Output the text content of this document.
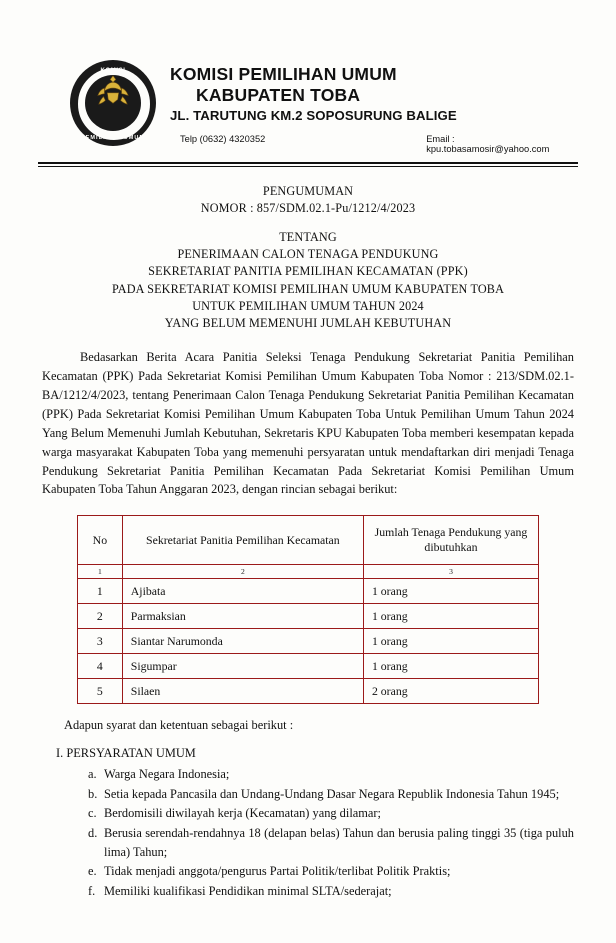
KOMISI
PEMILIHAN UMUM
KOMISI PEMILIHAN UMUM
KABUPATEN TOBA
JL. TARUTUNG KM.2 SOPOSURUNG BALIGE
Telp (0632) 4320352	Email : kpu.tobasamosir@yahoo.com
PENGUMUMAN
NOMOR : 857/SDM.02.1-Pu/1212/4/2023
TENTANG
PENERIMAAN CALON TENAGA PENDUKUNG
SEKRETARIAT PANITIA PEMILIHAN KECAMATAN (PPK)
PADA SEKRETARIAT KOMISI PEMILIHAN UMUM KABUPATEN TOBA
UNTUK PEMILIHAN UMUM TAHUN 2024
YANG BELUM MEMENUHI JUMLAH KEBUTUHAN
Bedasarkan Berita Acara Panitia Seleksi Tenaga Pendukung Sekretariat Panitia Pemilihan Kecamatan (PPK) Pada Sekretariat Komisi Pemilihan Umum Kabupaten Toba Nomor : 213/SDM.02.1-BA/1212/4/2023, tentang Penerimaan Calon Tenaga Pendukung Sekretariat Panitia Pemilihan Kecamatan (PPK) Pada Sekretariat Komisi Pemilihan Umum Kabupaten Toba Untuk Pemilihan Umum Tahun 2024 Yang Belum Memenuhi Jumlah Kebutuhan, Sekretaris KPU Kabupaten Toba memberi kesempatan kepada warga masyarakat Kabupaten Toba yang memenuhi persyaratan untuk mendaftarkan diri menjadi Tenaga Pendukung Sekretariat Panitia Pemilihan Kecamatan Pada Sekretariat Komisi Pemilihan Umum Kabupaten Toba Tahun Anggaran 2023, dengan rincian sebagai berikut:
No	Sekretariat Panitia Pemilihan Kecamatan	Jumlah Tenaga Pendukung yang dibutuhkan
1	2	3
1	Ajibata	1 orang
2	Parmaksian	1 orang
3	Siantar Narumonda	1 orang
4	Sigumpar	1 orang
5	Silaen	2 orang
Adapun syarat dan ketentuan sebagai berikut :
I. PERSYARATAN UMUM
a. Warga Negara Indonesia;
b. Setia kepada Pancasila dan Undang-Undang Dasar Negara Republik Indonesia Tahun 1945;
c. Berdomisili diwilayah kerja (Kecamatan) yang dilamar;
d. Berusia serendah-rendahnya 18 (delapan belas) Tahun dan berusia paling tinggi 35 (tiga puluh lima) Tahun;
e. Tidak menjadi anggota/pengurus Partai Politik/terlibat Politik Praktis;
f. Memiliki kualifikasi Pendidikan minimal SLTA/sederajat;
